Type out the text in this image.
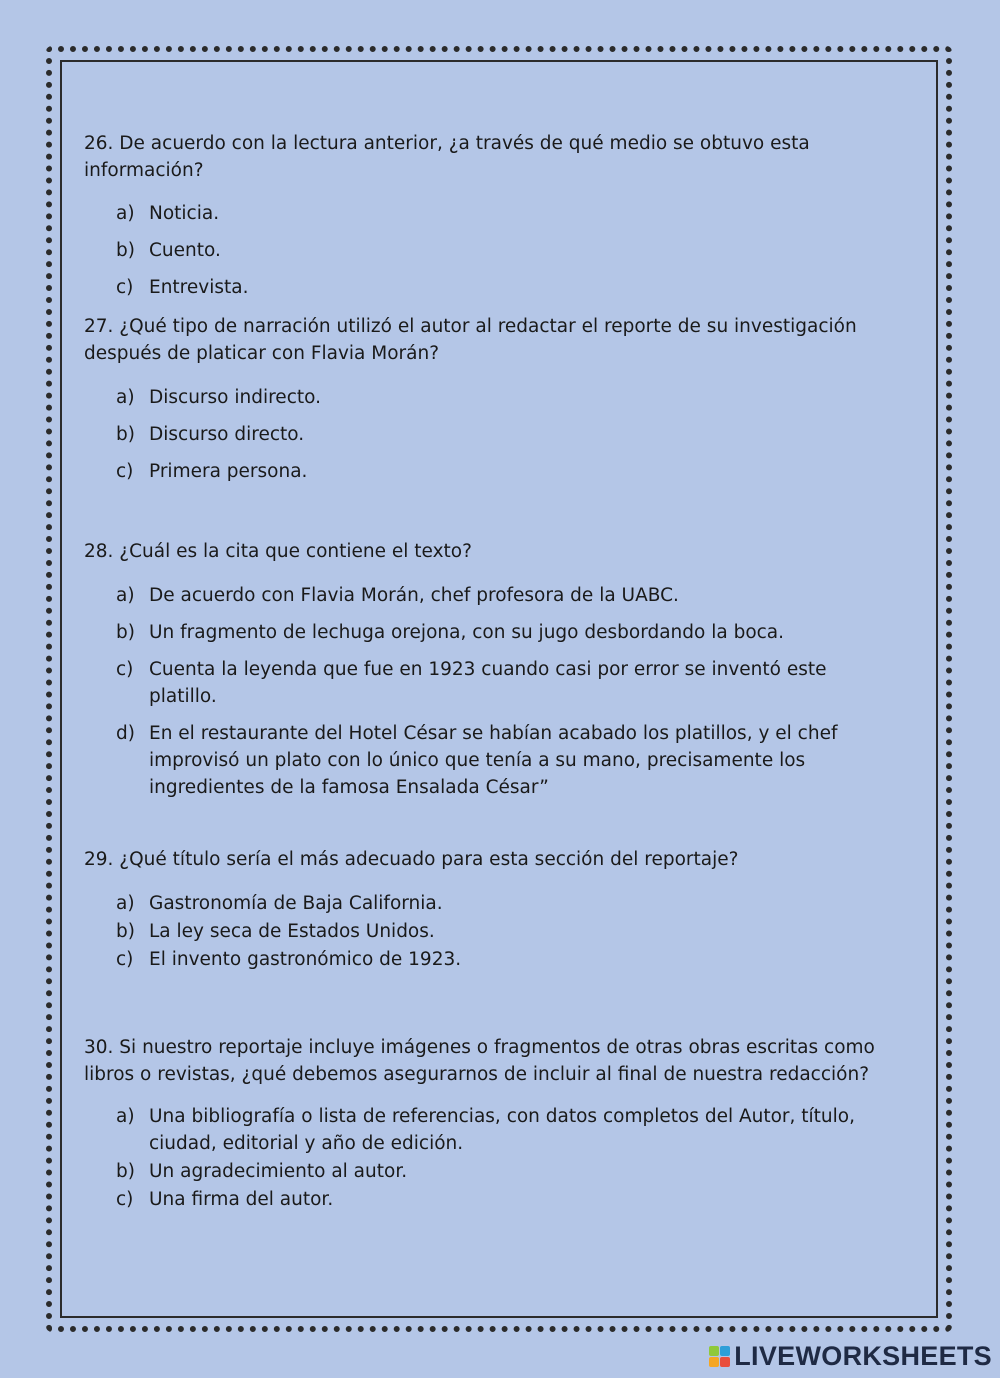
26. De acuerdo con la lectura anterior, ¿a través de qué medio se obtuvo esta información?
a) Noticia.
b) Cuento.
c) Entrevista.
27. ¿Qué tipo de narración utilizó el autor al redactar el reporte de su investigación después de platicar con Flavia Morán?
a) Discurso indirecto.
b) Discurso directo.
c) Primera persona.
28. ¿Cuál es la cita que contiene el texto?
a) De acuerdo con Flavia Morán, chef profesora de la UABC.
b) Un fragmento de lechuga orejona, con su jugo desbordando la boca.
c) Cuenta la leyenda que fue en 1923 cuando casi por error se inventó este platillo.
d) En el restaurante del Hotel César se habían acabado los platillos, y el chef improvisó un plato con lo único que tenía a su mano, precisamente los ingredientes de la famosa Ensalada César”
29. ¿Qué título sería el más adecuado para esta sección del reportaje?
a) Gastronomía de Baja California.
b) La ley seca de Estados Unidos.
c) El invento gastronómico de 1923.
30. Si nuestro reportaje incluye imágenes o fragmentos de otras obras escritas como libros o revistas, ¿qué debemos asegurarnos de incluir al final de nuestra redacción?
a) Una bibliografía o lista de referencias, con datos completos del Autor, título, ciudad, editorial y año de edición.
b) Un agradecimiento al autor.
c) Una firma del autor.
LIVEWORKSHEETS
